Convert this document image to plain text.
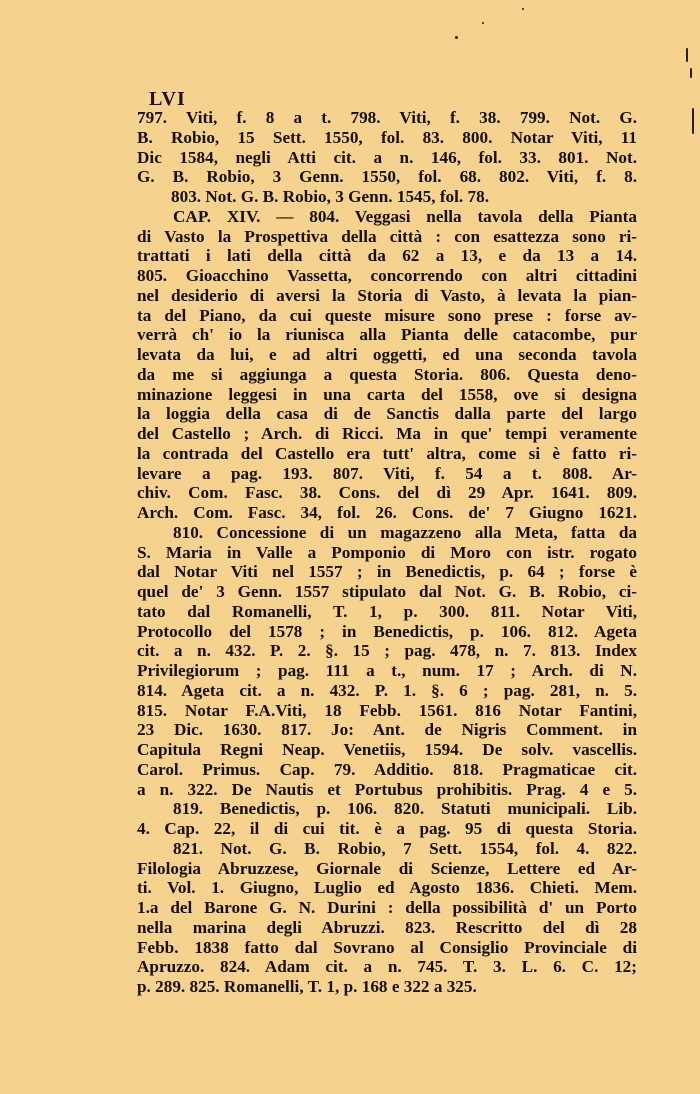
LVI
797. Viti, f. 8 a t. 798. Viti, f. 38. 799. Not. G.
B. Robio, 15 Sett. 1550, fol. 83. 800. Notar Viti, 11
Dic 1584, negli Atti cit. a n. 146, fol. 33. 801. Not.
G. B. Robio, 3 Genn. 1550, fol. 68. 802. Viti, f. 8.
803. Not. G. B. Robio, 3 Genn. 1545, fol. 78.
CAP. XIV. — 804. Veggasi nella tavola della Pianta
di Vasto la Prospettiva della città : con esattezza sono ri-
trattati i lati della città da 62 a 13, e da 13 a 14.
805. Gioacchino Vassetta, concorrendo con altri cittadini
nel desiderio di aversi la Storia di Vasto, à levata la pian-
ta del Piano, da cui queste misure sono prese : forse av-
verrà ch' io la riunisca alla Pianta delle catacombe, pur
levata da lui, e ad altri oggetti, ed una seconda tavola
da me si aggiunga a questa Storia. 806. Questa deno-
minazione leggesi in una carta del 1558, ove si designa
la loggia della casa di de Sanctis dalla parte del largo
del Castello ; Arch. di Ricci. Ma in que' tempi veramente
la contrada del Castello era tutt' altra, come si è fatto ri-
levare a pag. 193. 807. Viti, f. 54 a t. 808. Ar-
chiv. Com. Fasc. 38. Cons. del dì 29 Apr. 1641. 809.
Arch. Com. Fasc. 34, fol. 26. Cons. de' 7 Giugno 1621.
810. Concessione di un magazzeno alla Meta, fatta da
S. Maria in Valle a Pomponio di Moro con istr. rogato
dal Notar Viti nel 1557 ; in Benedictis, p. 64 ; forse è
quel de' 3 Genn. 1557 stipulato dal Not. G. B. Robio, ci-
tato dal Romanelli, T. 1, p. 300. 811. Notar Viti,
Protocollo del 1578 ; in Benedictis, p. 106. 812. Ageta
cit. a n. 432. P. 2. §. 15 ; pag. 478, n. 7. 813. Index
Privilegiorum ; pag. 111 a t., num. 17 ; Arch. di N.
814. Ageta cit. a n. 432. P. 1. §. 6 ; pag. 281, n. 5.
815. Notar F.A.Viti, 18 Febb. 1561. 816 Notar Fantini,
23 Dic. 1630. 817. Jo: Ant. de Nigris Comment. in
Capitula Regni Neap. Venetiis, 1594. De solv. vascellis.
Carol. Primus. Cap. 79. Additio. 818. Pragmaticae cit.
a n. 322. De Nautis et Portubus prohibitis. Prag. 4 e 5.
819. Benedictis, p. 106. 820. Statuti municipali. Lib.
4. Cap. 22, il di cui tit. è a pag. 95 di questa Storia.
821. Not. G. B. Robio, 7 Sett. 1554, fol. 4. 822.
Filologia Abruzzese, Giornale di Scienze, Lettere ed Ar-
ti. Vol. 1. Giugno, Luglio ed Agosto 1836. Chieti. Mem.
1.a del Barone G. N. Durini : della possibilità d' un Porto
nella marina degli Abruzzi. 823. Rescritto del dì 28
Febb. 1838 fatto dal Sovrano al Consiglio Provinciale di
Apruzzo. 824. Adam cit. a n. 745. T. 3. L. 6. C. 12;
p. 289. 825. Romanelli, T. 1, p. 168 e 322 a 325.
